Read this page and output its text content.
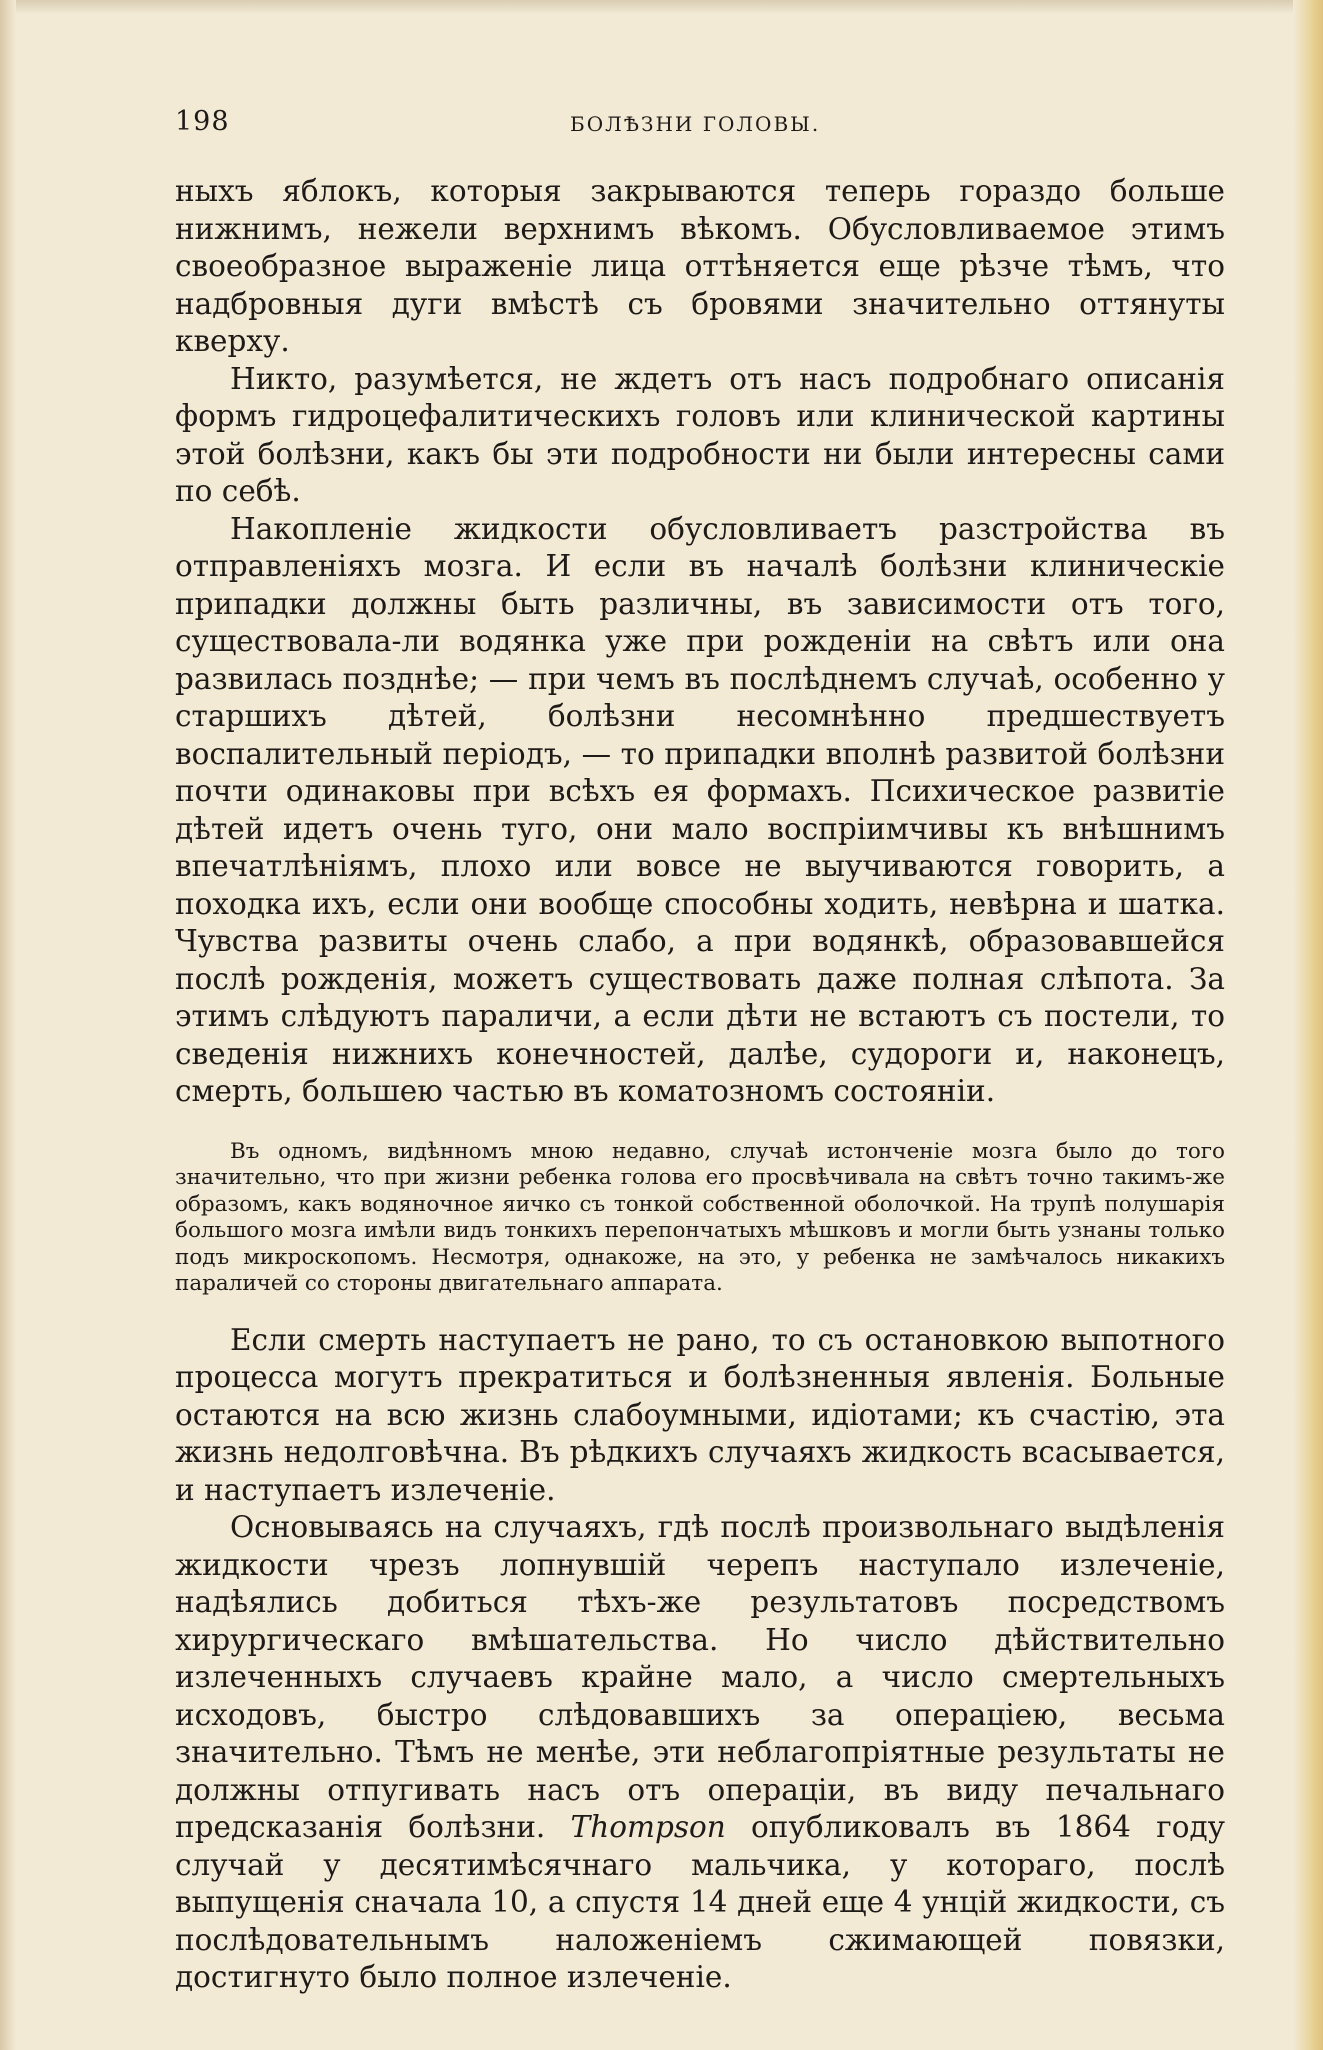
198	БОЛѢЗНИ ГОЛОВЫ.

ныхъ яблокъ, которыя закрываются теперь гораздо больше нижнимъ, нежели верхнимъ вѣкомъ. Обусловливаемое этимъ своеобразное выраженіе лица оттѣняется еще рѣзче тѣмъ, что надбровныя дуги вмѣстѣ съ бровями значительно оттянуты кверху.

Никто, разумѣется, не ждетъ отъ насъ подробнаго описанія формъ гидроцефалитическихъ головъ или клинической картины этой болѣзни, какъ бы эти подробности ни были интересны сами по себѣ.

Накопленіе жидкости обусловливаетъ разстройства въ отправленіяхъ мозга. И если въ началѣ болѣзни клиническіе припадки должны быть различны, въ зависимости отъ того, существовала-ли водянка уже при рожденіи на свѣтъ или она развилась позднѣе; — при чемъ въ послѣднемъ случаѣ, особенно у старшихъ дѣтей, болѣзни несомнѣнно предшествуетъ воспалительный періодъ, — то припадки вполнѣ развитой болѣзни почти одинаковы при всѣхъ ея формахъ. Психическое развитіе дѣтей идетъ очень туго, они мало воспріимчивы къ внѣшнимъ впечатлѣніямъ, плохо или вовсе не выучиваются говорить, а походка ихъ, если они вообще способны ходить, невѣрна и шатка. Чувства развиты очень слабо, а при водянкѣ, образовавшейся послѣ рожденія, можетъ существовать даже полная слѣпота. За этимъ слѣдуютъ параличи, а если дѣти не встаютъ съ постели, то сведенія нижнихъ конечностей, далѣе, судороги и, наконецъ, смерть, большею частью въ коматозномъ состояніи.

Въ одномъ, видѣнномъ мною недавно, случаѣ истонченіе мозга было до того значительно, что при жизни ребенка голова его просвѣчивала на свѣтъ точно такимъ-же образомъ, какъ водяночное яичко съ тонкой собственной оболочкой. На трупѣ полушарія большого мозга имѣли видъ тонкихъ перепончатыхъ мѣшковъ и могли быть узнаны только подъ микроскопомъ. Несмотря, однакоже, на это, у ребенка не замѣчалось никакихъ параличей со стороны двигательнаго аппарата.

Если смерть наступаетъ не рано, то съ остановкою выпотного процесса могутъ прекратиться и болѣзненныя явленія. Больные остаются на всю жизнь слабоумными, идіотами; къ счастію, эта жизнь недолговѣчна. Въ рѣдкихъ случаяхъ жидкость всасывается, и наступаетъ излеченіе.

Основываясь на случаяхъ, гдѣ послѣ произвольнаго выдѣленія жидкости чрезъ лопнувшій черепъ наступало излеченіе, надѣялись добиться тѣхъ-же результатовъ посредствомъ хирургическаго вмѣшательства. Но число дѣйствительно излеченныхъ случаевъ крайне мало, а число смертельныхъ исходовъ, быстро слѣдовавшихъ за операціею, весьма значительно. Тѣмъ не менѣе, эти неблагопріятные результаты не должны отпугивать насъ отъ операціи, въ виду печальнаго предсказанія болѣзни. Thompson опубликовалъ въ 1864 году случай у десятимѣсячнаго мальчика, у котораго, послѣ выпущенія сначала 10, а спустя 14 дней еще 4 унцій жидкости, съ послѣдовательнымъ наложеніемъ сжимающей повязки, достигнуто было полное излеченіе.
